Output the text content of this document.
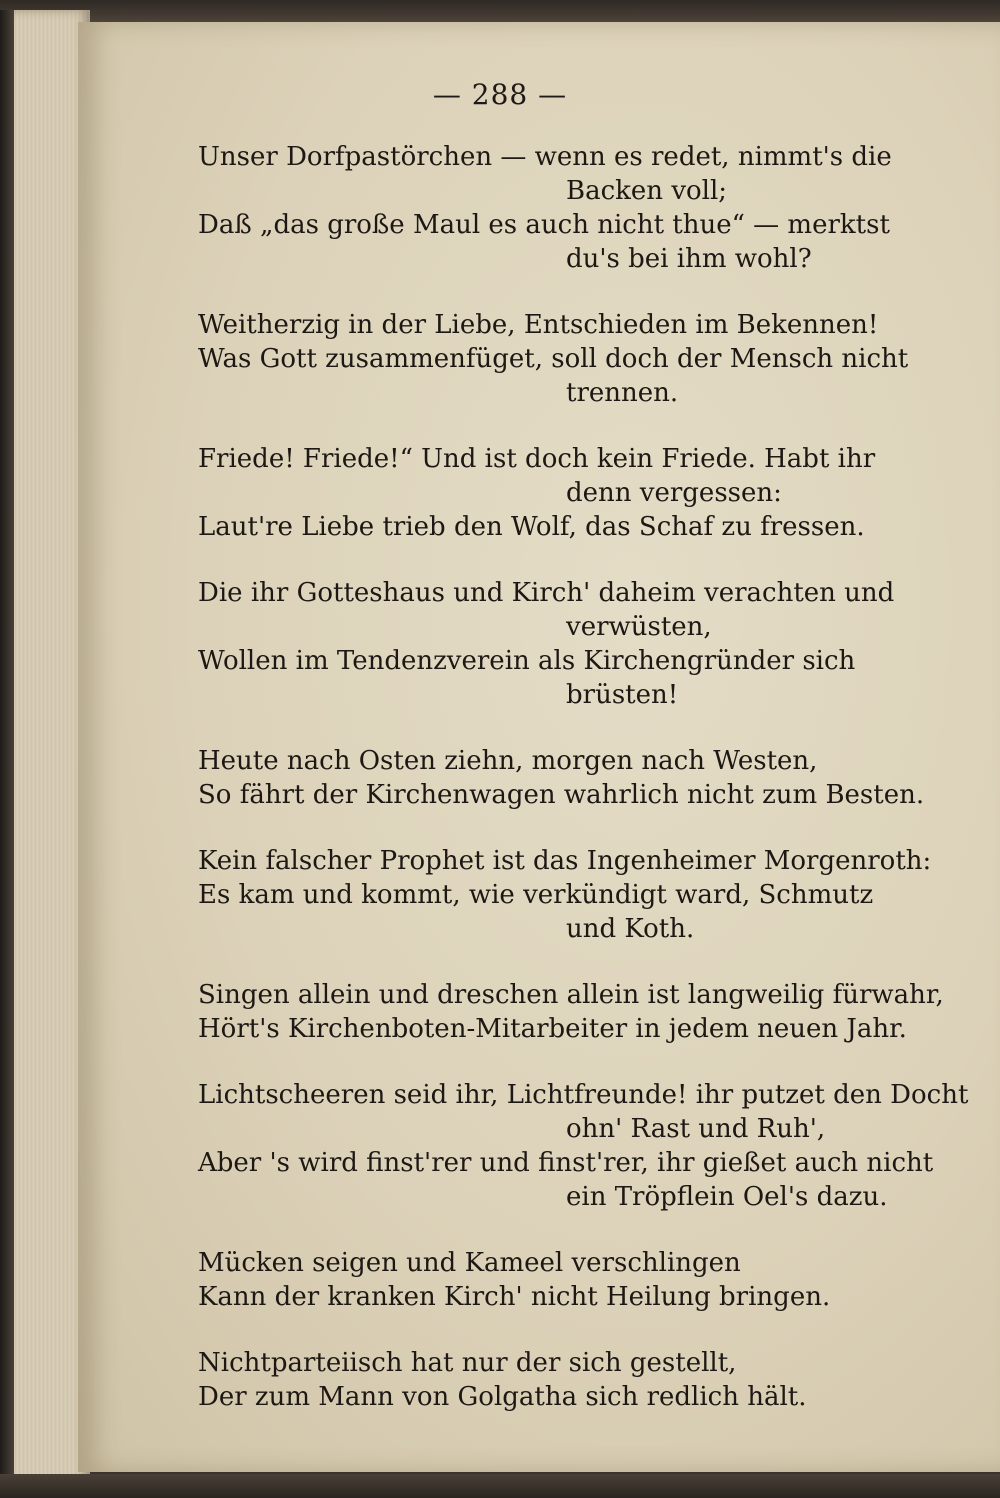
— 288 —
Unser Dorfpastörchen — wenn es redet, nimmt's die
Backen voll;
Daß „das große Maul es auch nicht thue“ — merktst
du's bei ihm wohl?
Weitherzig in der Liebe, Entschieden im Bekennen!
Was Gott zusammenfüget, soll doch der Mensch nicht
trennen.
Friede! Friede!“ Und ist doch kein Friede. Habt ihr
denn vergessen:
Laut're Liebe trieb den Wolf, das Schaf zu fressen.
Die ihr Gotteshaus und Kirch' daheim verachten und
verwüsten,
Wollen im Tendenzverein als Kirchengründer sich
brüsten!
Heute nach Osten ziehn, morgen nach Westen,
So fährt der Kirchenwagen wahrlich nicht zum Besten.
Kein falscher Prophet ist das Ingenheimer Morgenroth:
Es kam und kommt, wie verkündigt ward, Schmutz
und Koth.
Singen allein und dreschen allein ist langweilig fürwahr,
Hört's Kirchenboten-Mitarbeiter in jedem neuen Jahr.
Lichtscheeren seid ihr, Lichtfreunde! ihr putzet den Docht
ohn' Rast und Ruh',
Aber 's wird finst'rer und finst'rer, ihr gießet auch nicht
ein Tröpflein Oel's dazu.
Mücken seigen und Kameel verschlingen
Kann der kranken Kirch' nicht Heilung bringen.
Nichtparteiisch hat nur der sich gestellt,
Der zum Mann von Golgatha sich redlich hält.
